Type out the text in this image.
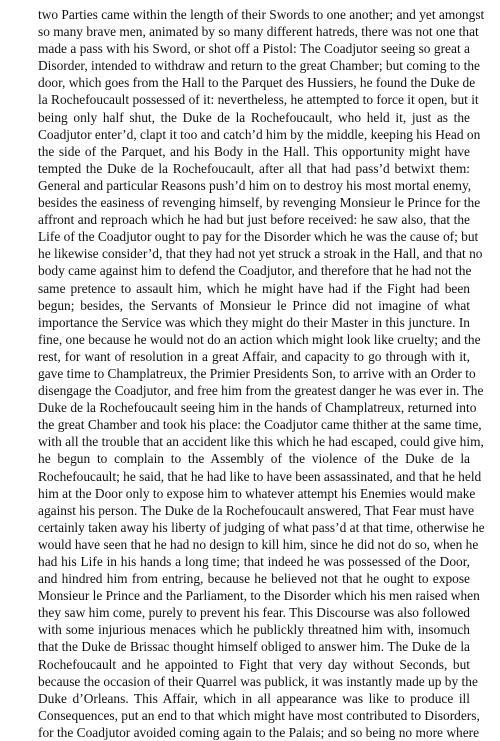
two Parties came within the length of their Swords to one another; and yet amongst
so many brave men, animated by so many different hatreds, there was not one that
made a pass with his Sword, or shot off a Pistol: The Coadjutor seeing so great a
Disorder, intended to withdraw and return to the great Chamber; but coming to the
door, which goes from the Hall to the Parquet des Hussiers, he found the Duke de
la Rochefoucault possessed of it: nevertheless, he attempted to force it open, but it
being only half shut, the Duke de la Rochefoucault, who held it, just as the
Coadjutor enter’d, clapt it too and catch’d him by the middle, keeping his Head on
the side of the Parquet, and his Body in the Hall. This opportunity might have
tempted the Duke de la Rochefoucault, after all that had pass’d betwixt them:
General and particular Reasons push’d him on to destroy his most mortal enemy,
besides the easiness of revenging himself, by revenging Monsieur le Prince for the
affront and reproach which he had but just before received: he saw also, that the
Life of the Coadjutor ought to pay for the Disorder which he was the cause of; but
he likewise consider’d, that they had not yet struck a stroak in the Hall, and that no
body came against him to defend the Coadjutor, and therefore that he had not the
same pretence to assault him, which he might have had if the Fight had been
begun; besides, the Servants of Monsieur le Prince did not imagine of what
importance the Service was which they might do their Master in this juncture. In
fine, one because he would not do an action which might look like cruelty; and the
rest, for want of resolution in a great Affair, and capacity to go through with it,
gave time to Champlatreux, the Primier Presidents Son, to arrive with an Order to
disengage the Coadjutor, and free him from the greatest danger he was ever in. The
Duke de la Rochefoucault seeing him in the hands of Champlatreux, returned into
the great Chamber and took his place: the Coadjutor came thither at the same time,
with all the trouble that an accident like this which he had escaped, could give him,
he begun to complain to the Assembly of the violence of the Duke de la
Rochefoucault; he said, that he had like to have been assassinated, and that he held
him at the Door only to expose him to whatever attempt his Enemies would make
against his person. The Duke de la Rochefoucault answered, That Fear must have
certainly taken away his liberty of judging of what pass’d at that time, otherwise he
would have seen that he had no design to kill him, since he did not do so, when he
had his Life in his hands a long time; that indeed he was possessed of the Door,
and hindred him from entring, because he believed not that he ought to expose
Monsieur le Prince and the Parliament, to the Disorder which his men raised when
they saw him come, purely to prevent his fear. This Discourse was also followed
with some injurious menaces which he publickly threatned him with, insomuch
that the Duke de Brissac thought himself obliged to answer him. The Duke de la
Rochefoucault and he appointed to Fight that very day without Seconds, but
because the occasion of their Quarrel was publick, it was instantly made up by the
Duke d’Orleans. This Affair, which in all appearance was like to produce ill
Consequences, put an end to that which might have most contributed to Disorders,
for the Coadjutor avoided coming again to the Palais; and so being no more where
